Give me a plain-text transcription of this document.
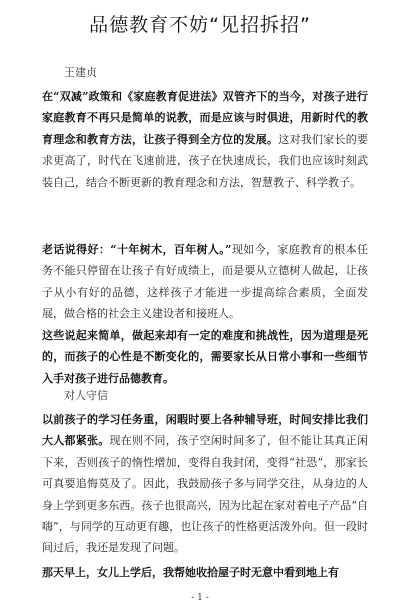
品德教育不妨“见招拆招”
王建贞
在“双减”政策和《家庭教育促进法》双管齐下的当今，对孩子进行家庭教育不再只是简单的说教，而是应该与时俱进，用新时代的教育理念和教育方法，让孩子得到全方位的发展。这对我们家长的要求更高了，时代在飞速前进，孩子在快速成长，我们也应该时刻武装自己，结合不断更新的教育理念和方法，智慧教子、科学教子。
老话说得好：“十年树木，百年树人。”现如今，家庭教育的根本任务不能只停留在让孩子有好成绩上，而是要从立德树人做起，让孩子从小有好的品德，这样孩子才能进一步提高综合素质，全面发展，做合格的社会主义建设者和接班人。
这些说起来简单，做起来却有一定的难度和挑战性，因为道理是死的，而孩子的心性是不断变化的，需要家长从日常小事和一些细节入手对孩子进行品德教育。
对人守信
以前孩子的学习任务重，闲暇时要上各种辅导班，时间安排比我们大人都紧张。现在则不同，孩子空闲时间多了，但不能让其真正闲下来，否则孩子的惰性增加，变得自我封闭，变得“社恐”，那家长可真要追悔莫及了。因此，我鼓励孩子多与同学交往，从身边的人身上学到更多东西。孩子也很高兴，因为比起在家对着电子产品“自嗨”，与同学的互动更有趣，也让孩子的性格更活泼外向。但一段时间过后，我还是发现了问题。
那天早上，女儿上学后，我帮她收拾屋子时无意中看到地上有
- 1 -
